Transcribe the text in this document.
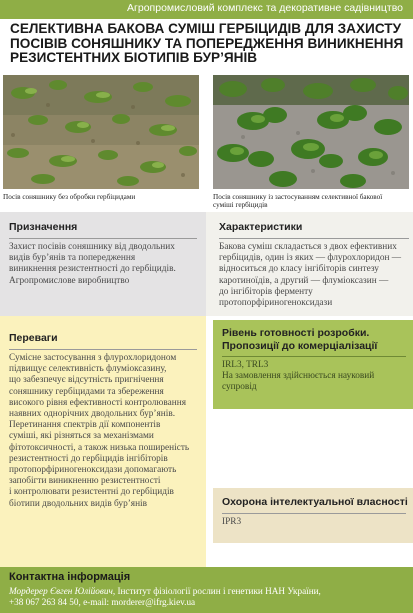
Агропромисловий комплекс та декоративне садівництво
СЕЛЕКТИВНА БАКОВА СУМІШ ГЕРБІЦИДІВ ДЛЯ ЗАХИСТУ ПОСІВІВ СОНЯШНИКУ ТА ПОПЕРЕДЖЕННЯ ВИНИКНЕННЯ РЕЗИСТЕНТНИХ БІОТИПІВ БУР’ЯНІВ
Посів соняшнику без обробки гербіцидами	Посів соняшнику із застосуванням селективної бакової суміші гербіцидів
Призначення

Захист посівів соняшнику від дводольних
видів бур’янів та попередження
виникнення резистентності до гербіцидів.
Агропромислове виробництво

Характеристики

Бакова суміш складається з двох ефективних
гербіцидів, один із яких — флурохлоридон —
відноситься до класу інгібіторів синтезу
каротиноїдів, а другий — флуміоксазин —
до інгібіторів ферменту
протопорфіриногеноксидази

Переваги

Сумісне застосування з флурохлоридоном
підвищує селективність флуміоксазину,
що забезпечує відсутність пригнічення
соняшнику гербіцидами та збереження
високого рівня ефективності контролювання
наявних однорічних дводольних бур’янів.
Перетинання спектрів дії компонентів
суміші, які різняться за механізмами
фітотоксичності, а також низька поширеність
резистентності до гербіцидів інгібіторів
протопорфіриногеноксидази допомагають
запобігти виникненню резистентності
і контролювати резистентні до гербіцидів
біотипи дводольних видів бур’янів

Рівень готовності розробки. Пропозиції до комерціалізації

IRL3, TRL3
На замовлення здійснюється науковий
супровід

Охорона інтелектуальної власності

IPR3

Контактна інформація

Мордерер Євген Юлійович, Інститут фізіології рослин і генетики НАН України,
+38 067 263 84 50, e-mail: morderer@ifrg.kiev.ua
